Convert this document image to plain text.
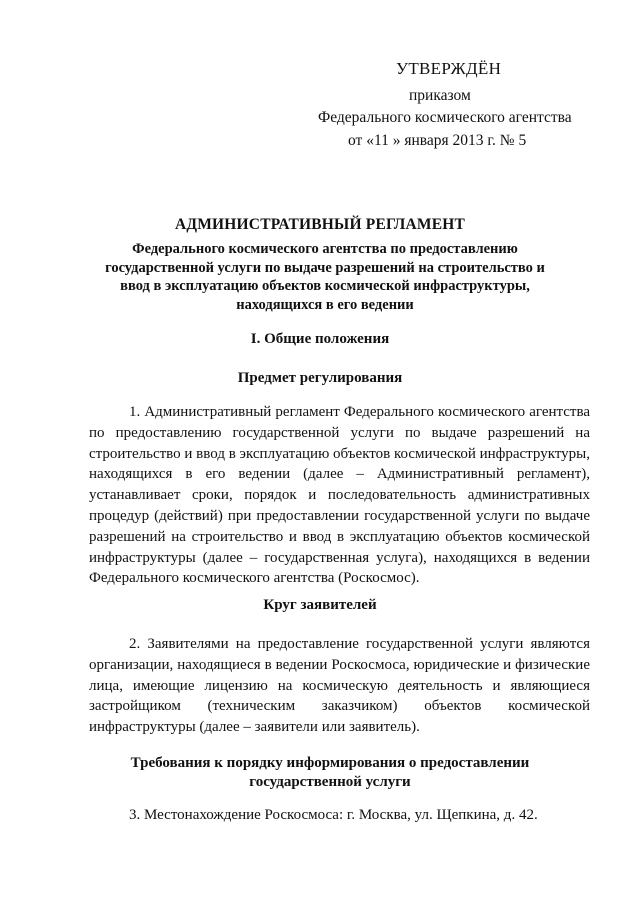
УТВЕРЖДЁН
приказом
Федерального космического агентства
от «11 » января 2013 г. № 5
АДМИНИСТРАТИВНЫЙ РЕГЛАМЕНТ
Федерального космического агентства по предоставлению государственной услуги по выдаче разрешений на строительство и ввод в эксплуатацию объектов космической инфраструктуры, находящихся в его ведении
I. Общие положения
Предмет регулирования
1. Административный регламент Федерального космического агентства по предоставлению государственной услуги по выдаче разрешений на строительство и ввод в эксплуатацию объектов космической инфраструктуры, находящихся в его ведении (далее – Административный регламент), устанавливает сроки, порядок и последовательность административных процедур (действий) при предоставлении государственной услуги по выдаче разрешений на строительство и ввод в эксплуатацию объектов космической инфраструктуры (далее – государственная услуга), находящихся в ведении Федерального космического агентства (Роскосмос).
Круг заявителей
2. Заявителями на предоставление государственной услуги являются организации, находящиеся в ведении Роскосмоса, юридические и физические лица, имеющие лицензию на космическую деятельность и являющиеся застройщиком (техническим заказчиком) объектов космической инфраструктуры (далее – заявители или заявитель).
Требования к порядку информирования о предоставлении государственной услуги
3. Местонахождение Роскосмоса: г. Москва, ул. Щепкина, д. 42.
